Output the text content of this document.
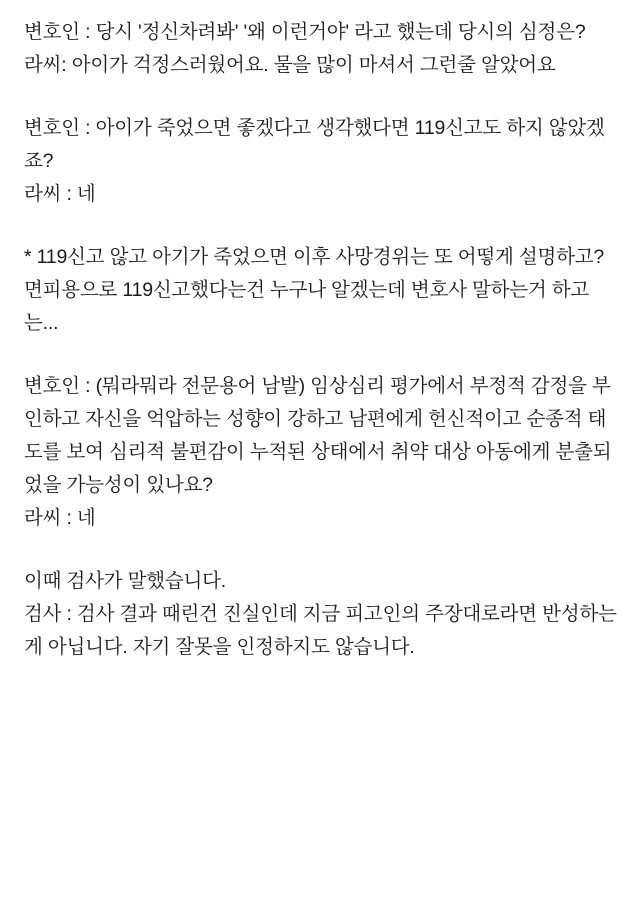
변호인 : 당시 '정신차려봐' '왜 이런거야' 라고 했는데 당시의 심정은?
라씨: 아이가 걱정스러웠어요. 물을 많이 마셔서 그런줄 알았어요
변호인 : 아이가 죽었으면 좋겠다고 생각했다면 119신고도 하지 않았겠죠?
라씨 : 네
* 119신고 않고 아기가 죽었으면 이후 사망경위는 또 어떻게 설명하고? 면피용으로 119신고했다는건 누구나 알겠는데 변호사 말하는거 하고는...
변호인 : (뭐라뭐라 전문용어 남발) 임상심리 평가에서 부정적 감정을 부인하고 자신을 억압하는 성향이 강하고 남편에게 헌신적이고 순종적 태도를 보여 심리적 불편감이 누적된 상태에서 취약 대상 아동에게 분출되었을 가능성이 있나요?
라씨 : 네
이때 검사가 말했습니다.
검사 : 검사 결과 때린건 진실인데 지금 피고인의 주장대로라면 반성하는게 아닙니다. 자기 잘못을 인정하지도 않습니다.
